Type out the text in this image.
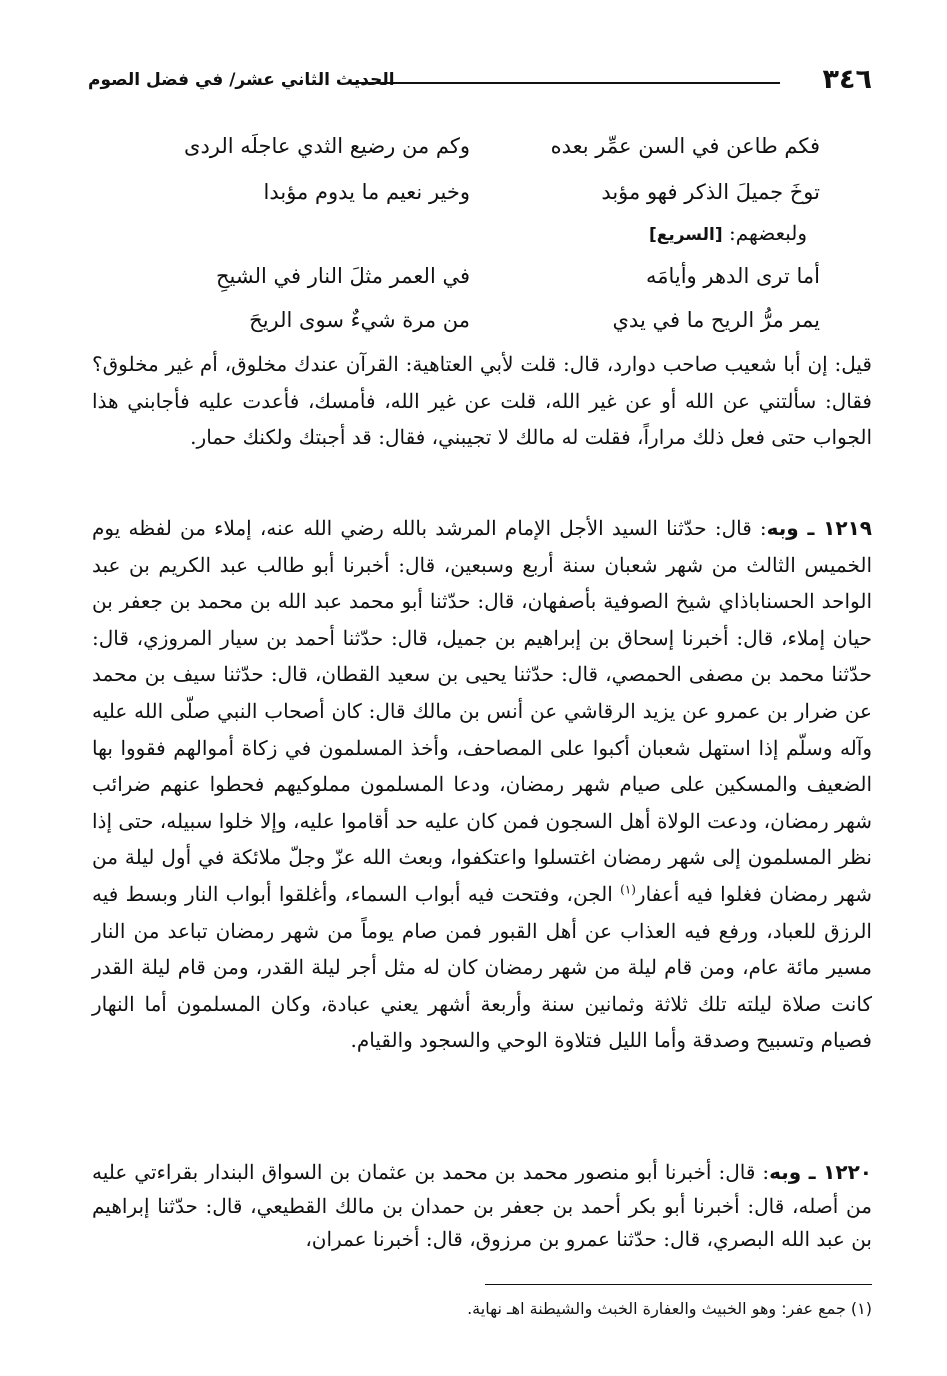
٣٤٦
الحديث الثاني عشر/ في فضل الصوم
فكم طاعن في السن عمِّر بعده
وكم من رضيع الثدي عاجلَه الردى
توخَ جميلَ الذكر فهو مؤبد
وخير نعيم ما يدوم مؤبدا
ولبعضهم: [السريع]
أما ترى الدهر وأيامَه
في العمر مثلَ النار في الشيحِ
يمر مرُّ الريح ما في يدي
من مرة شيءٌ سوى الريحَ
قيل: إن أبا شعيب صاحب دوارد، قال: قلت لأبي العتاهية: القرآن عندك مخلوق، أم غير مخلوق؟ فقال: سألتني عن الله أو عن غير الله، قلت عن غير الله، فأمسك، فأعدت عليه فأجابني هذا الجواب حتى فعل ذلك مراراً، فقلت له مالك لا تجيبني، فقال: قد أجبتك ولكنك حمار.
١٢١٩ ـ وبه: قال: حدّثنا السيد الأجل الإمام المرشد بالله رضي الله عنه، إملاء من لفظه يوم الخميس الثالث من شهر شعبان سنة أربع وسبعين، قال: أخبرنا أبو طالب عبد الكريم بن عبد الواحد الحسناباذاي شيخ الصوفية بأصفهان، قال: حدّثنا أبو محمد عبد الله بن محمد بن جعفر بن حيان إملاء، قال: أخبرنا إسحاق بن إبراهيم بن جميل، قال: حدّثنا أحمد بن سيار المروزي، قال: حدّثنا محمد بن مصفى الحمصي، قال: حدّثنا يحيى بن سعيد القطان، قال: حدّثنا سيف بن محمد عن ضرار بن عمرو عن يزيد الرقاشي عن أنس بن مالك قال: كان أصحاب النبي صلّى الله عليه وآله وسلّم إذا استهل شعبان أكبوا على المصاحف، وأخذ المسلمون في زكاة أموالهم فقووا بها الضعيف والمسكين على صيام شهر رمضان، ودعا المسلمون مملوكيهم فحطوا عنهم ضرائب شهر رمضان، ودعت الولاة أهل السجون فمن كان عليه حد أقاموا عليه، وإلا خلوا سبيله، حتى إذا نظر المسلمون إلى شهر رمضان اغتسلوا واعتكفوا، وبعث الله عزّ وجلّ ملائكة في أول ليلة من شهر رمضان فغلوا فيه أعفار$^{(١)}$ الجن، وفتحت فيه أبواب السماء، وأغلقوا أبواب النار وبسط فيه الرزق للعباد، ورفع فيه العذاب عن أهل القبور فمن صام يوماً من شهر رمضان تباعد من النار مسير مائة عام، ومن قام ليلة من شهر رمضان كان له مثل أجر ليلة القدر، ومن قام ليلة القدر كانت صلاة ليلته تلك ثلاثة وثمانين سنة وأربعة أشهر يعني عبادة، وكان المسلمون أما النهار فصيام وتسبيح وصدقة وأما الليل فتلاوة الوحي والسجود والقيام.
١٢٢٠ ـ وبه: قال: أخبرنا أبو منصور محمد بن محمد بن عثمان بن السواق البندار بقراءتي عليه من أصله، قال: أخبرنا أبو بكر أحمد بن جعفر بن حمدان بن مالك القطيعي، قال: حدّثنا إبراهيم بن عبد الله البصري، قال: حدّثنا عمرو بن مرزوق، قال: أخبرنا عمران،
(١) جمع عفر: وهو الخبيث والعفارة الخبث والشيطنة اهـ نهاية.
